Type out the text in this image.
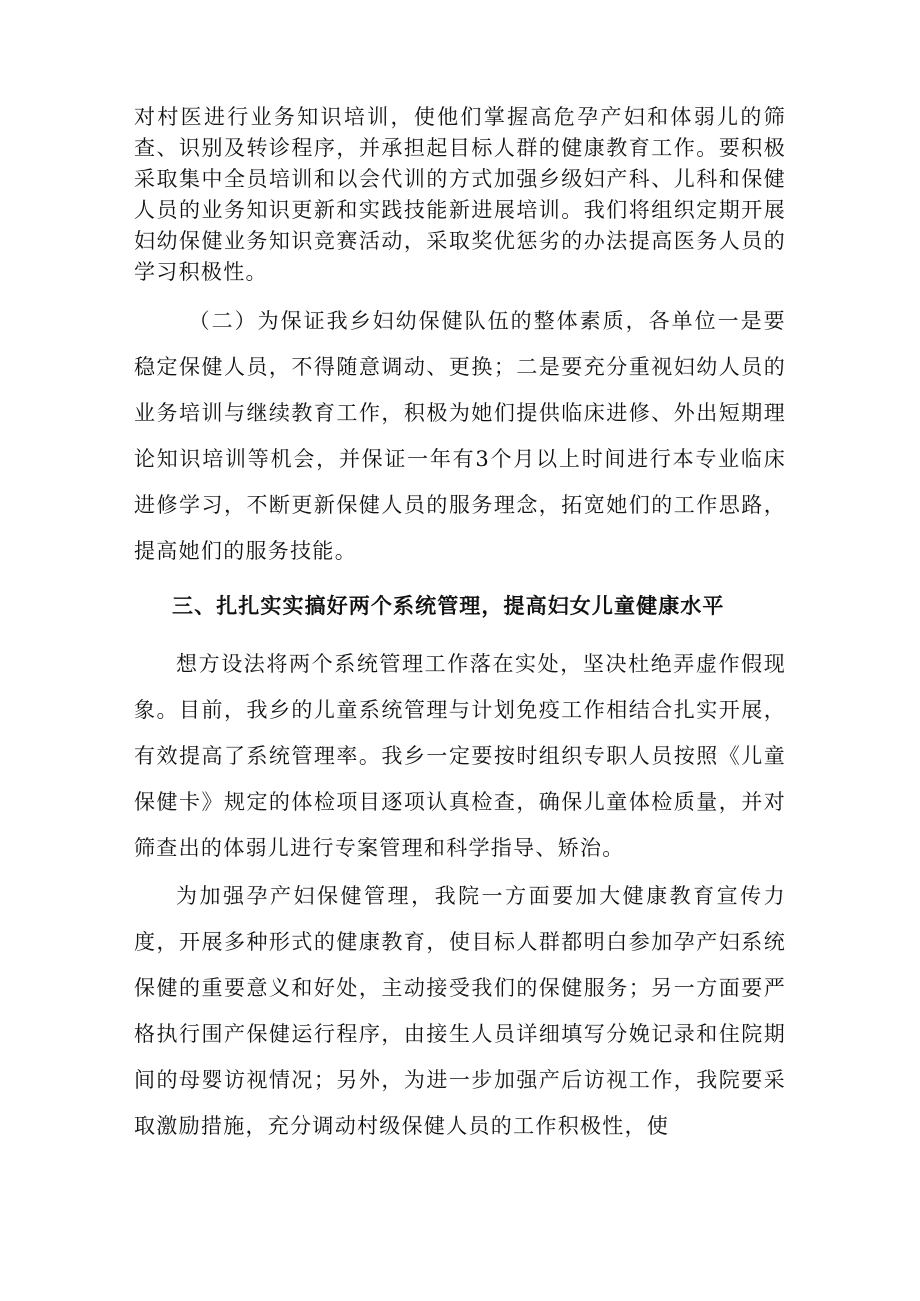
对村医进行业务知识培训，使他们掌握高危孕产妇和体弱儿的筛查、识别及转诊程序，并承担起目标人群的健康教育工作。要积极采取集中全员培训和以会代训的方式加强乡级妇产科、儿科和保健人员的业务知识更新和实践技能新进展培训。我们将组织定期开展妇幼保健业务知识竞赛活动，采取奖优惩劣的办法提高医务人员的学习积极性。

（二）为保证我乡妇幼保健队伍的整体素质，各单位一是要稳定保健人员，不得随意调动、更换；二是要充分重视妇幼人员的业务培训与继续教育工作，积极为她们提供临床进修、外出短期理论知识培训等机会，并保证一年有3个月以上时间进行本专业临床进修学习，不断更新保健人员的服务理念，拓宽她们的工作思路，提高她们的服务技能。

三、扎扎实实搞好两个系统管理，提高妇女儿童健康水平

想方设法将两个系统管理工作落在实处，坚决杜绝弄虚作假现象。目前，我乡的儿童系统管理与计划免疫工作相结合扎实开展，有效提高了系统管理率。我乡一定要按时组织专职人员按照《儿童保健卡》规定的体检项目逐项认真检查，确保儿童体检质量，并对筛查出的体弱儿进行专案管理和科学指导、矫治。

为加强孕产妇保健管理，我院一方面要加大健康教育宣传力度，开展多种形式的健康教育，使目标人群都明白参加孕产妇系统保健的重要意义和好处，主动接受我们的保健服务；另一方面要严格执行围产保健运行程序，由接生人员详细填写分娩记录和住院期间的母婴访视情况；另外，为进一步加强产后访视工作，我院要采取激励措施，充分调动村级保健人员的工作积极性，使
